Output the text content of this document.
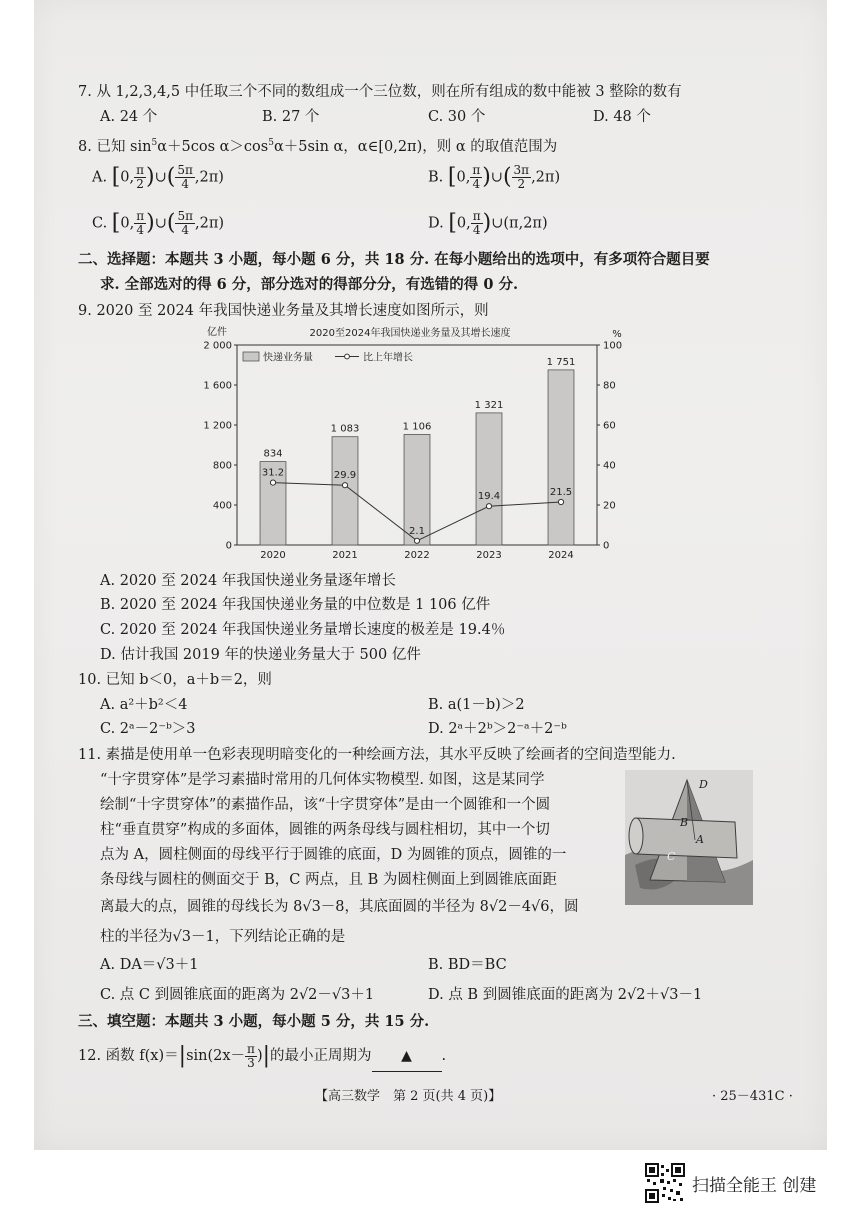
7. 从 1,2,3,4,5 中任取三个不同的数组成一个三位数，则在所有组成的数中能被 3 整除的数有
A. 24 个	B. 27 个	C. 30 个	D. 48 个
8. 已知 $\sin^5\alpha+5\cos$ $\alpha>\cos^5\alpha+5\sin$ α，α∈[0,2π)，则 α 的取值范围为
A. [0, $\frac{\pi}{2}$ )∪( $\frac{5\pi}{4} ,2\pi$)	B. [0, $\frac{\pi}{4}$ )∪( $\frac{3\pi}{2} ,2\pi$)
C. [0, $\frac{\pi}{4}$ )∪( $\frac{5\pi}{4} ,2\pi$)	D. [0, $\frac{\pi}{4}$ )∪(π,2π)
二、选择题：本题共 3 小题，每小题 6 分，共 18 分. 在每小题给出的选项中，有多项符合题目要
求. 全部选对的得 6 分，部分选对的得部分分，有选错的得 0 分.
9. 2020 至 2024 年我国快递业务量及其增长速度如图所示，则
2020至2024年我国快递业务量及其增长速度
亿件	%
0
400
800
1 200
1 600
2 000
0
20
40
60
80
100
834
2020
1 083
2021
1 106
2022
1 321
2023
1 751
2024
31.2	29.9
2.1
19.4	21.5
快递业务量	比上年增长
A. 2020 至 2024 年我国快递业务量逐年增长
B. 2020 至 2024 年我国快递业务量的中位数是 1 106 亿件
C. 2020 至 2024 年我国快递业务量增长速度的极差是 19.4％
D. 估计我国 2019 年的快递业务量大于 500 亿件
10. 已知 b＜0，a＋b＝2，则
A. a²＋b²＜4	B. a(1－b)＞2
C. 2ᵃ－2⁻ᵇ＞3	D. 2ᵃ＋2ᵇ＞2⁻ᵃ＋2⁻ᵇ
11. 素描是使用单一色彩表现明暗变化的一种绘画方法，其水平反映了绘画者的空间造型能力.
“十字贯穿体”是学习素描时常用的几何体实物模型. 如图，这是某同学
绘制“十字贯穿体”的素描作品，该“十字贯穿体”是由一个圆锥和一个圆
柱“垂直贯穿”构成的多面体，圆锥的两条母线与圆柱相切，其中一个切
点为 A，圆柱侧面的母线平行于圆锥的底面，D 为圆锥的顶点，圆锥的一
条母线与圆柱的侧面交于 B，C 两点，且 B 为圆柱侧面上到圆锥底面距
离最大的点，圆锥的母线长为 8√3－8，其底面圆的半径为 8√2－4√6，圆
柱的半径为√3－1，下列结论正确的是
D
B
A
C
A. DA＝√3＋1	B. BD＝BC
C. 点 C 到圆锥底面的距离为 2√2－√3＋1	D. 点 B 到圆锥底面的距离为 2√2＋√3－1
三、填空题：本题共 3 小题，每小题 5 分，共 15 分.
12. 函数 $f(x)=|\sin(2x- \frac{\pi}{3}$ )|的最小正周期为 ▲ .
【高三数学　第 2 页(共 4 页)】	· 25－431C ·
扫描全能王 创建
